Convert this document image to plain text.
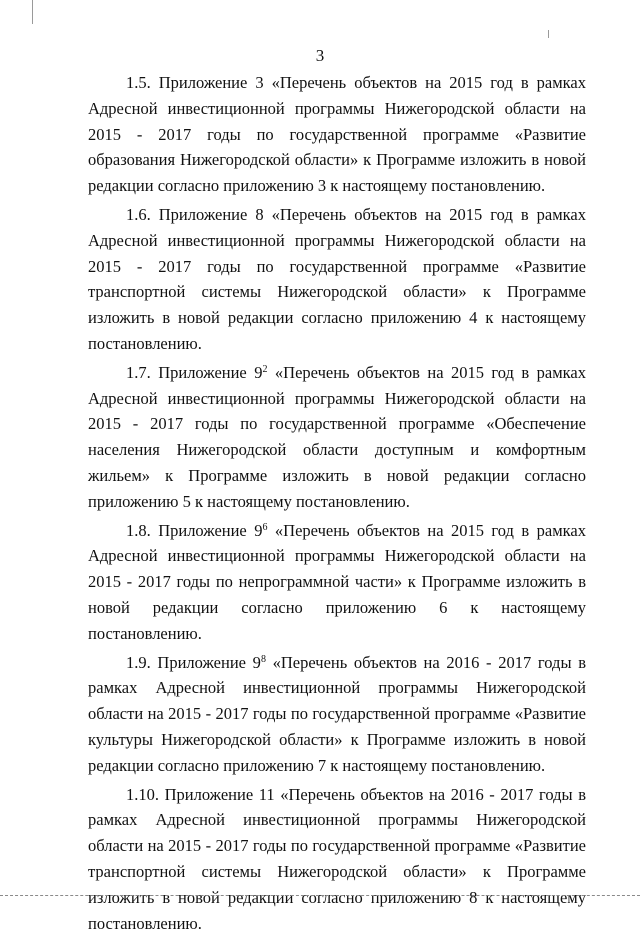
3

1.5. Приложение 3 «Перечень объектов на 2015 год в рамках Адресной инвестиционной программы Нижегородской области на 2015 - 2017 годы по государственной программе «Развитие образования Нижегородской области» к Программе изложить в новой редакции согласно приложению 3 к настоящему постановлению.

1.6. Приложение 8 «Перечень объектов на 2015 год в рамках Адресной инвестиционной программы Нижегородской области на 2015 - 2017 годы по государственной программе «Развитие транспортной системы Нижегородской области» к Программе изложить в новой редакции согласно приложению 4 к настоящему постановлению.

1.7. Приложение $9^2$ «Перечень объектов на 2015 год в рамках Адресной инвестиционной программы Нижегородской области на 2015 - 2017 годы по государственной программе «Обеспечение населения Нижегородской области доступным и комфортным жильем» к Программе изложить в новой редакции согласно приложению 5 к настоящему постановлению.

1.8. Приложение $9^6$ «Перечень объектов на 2015 год в рамках Адресной инвестиционной программы Нижегородской области на 2015 - 2017 годы по непрограммной части» к Программе изложить в новой редакции согласно приложению 6 к настоящему постановлению.

1.9. Приложение $9^8$ «Перечень объектов на 2016 - 2017 годы в рамках Адресной инвестиционной программы Нижегородской области на 2015 - 2017 годы по государственной программе «Развитие культуры Нижегородской области» к Программе изложить в новой редакции согласно приложению 7 к настоящему постановлению.

1.10. Приложение 11 «Перечень объектов на 2016 - 2017 годы в рамках Адресной инвестиционной программы Нижегородской области на 2015 - 2017 годы по государственной программе «Развитие транспортной системы Нижегородской области» к Программе изложить в новой редакции согласно приложению 8 к настоящему постановлению.
